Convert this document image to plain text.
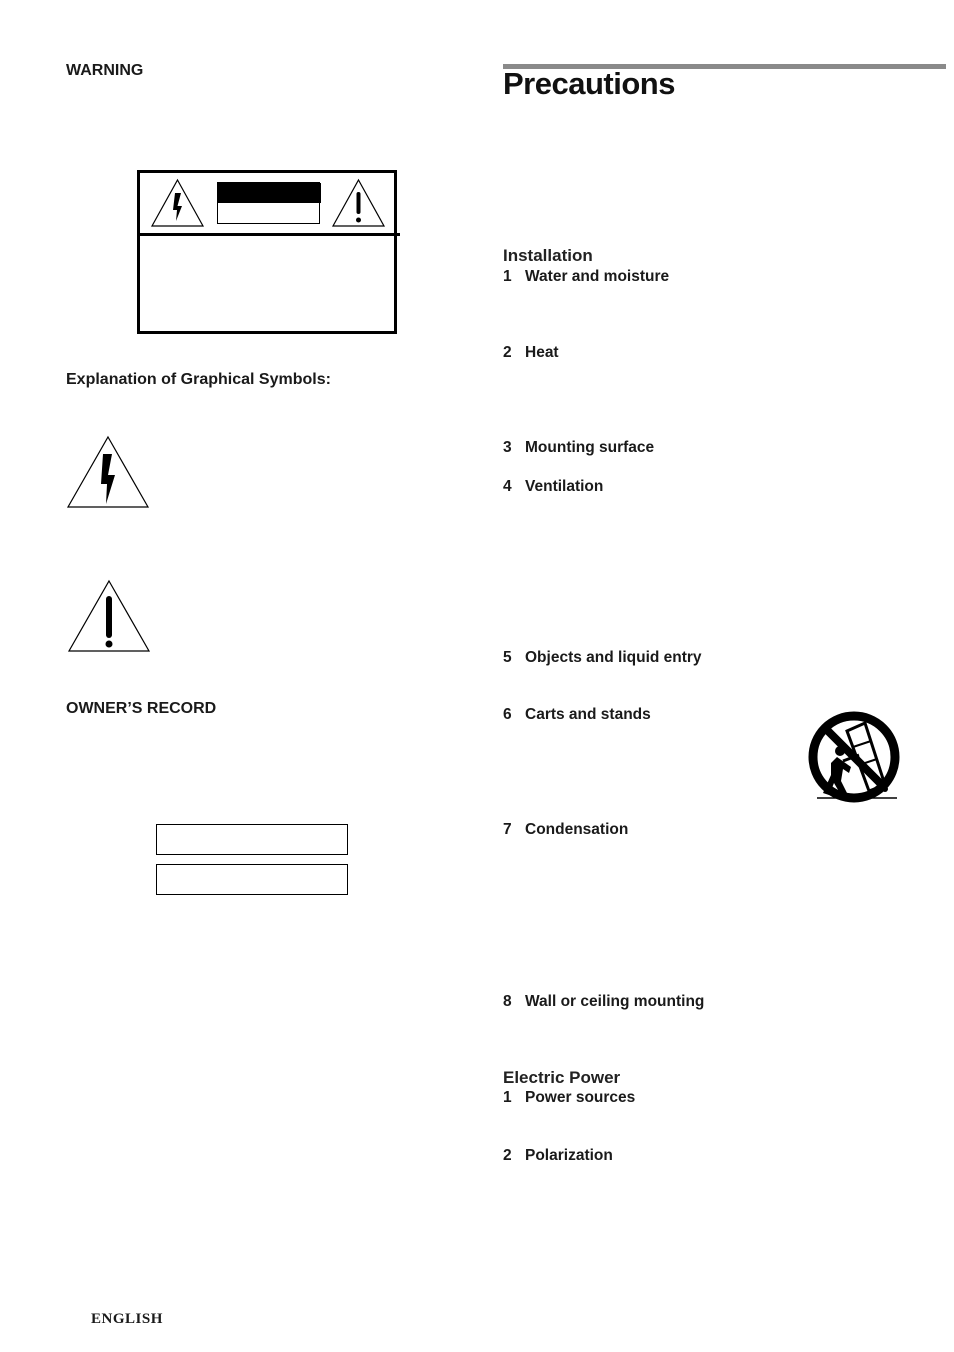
WARNING
Explanation of Graphical Symbols:
OWNER’S RECORD
Precautions
Installation
1 Water and moisture
2 Heat
3 Mounting surface
4 Ventilation
5 Objects and liquid entry
6 Carts and stands
7 Condensation
8 Wall or ceiling mounting
Electric Power
1 Power sources
2 Polarization
ENGLISH
